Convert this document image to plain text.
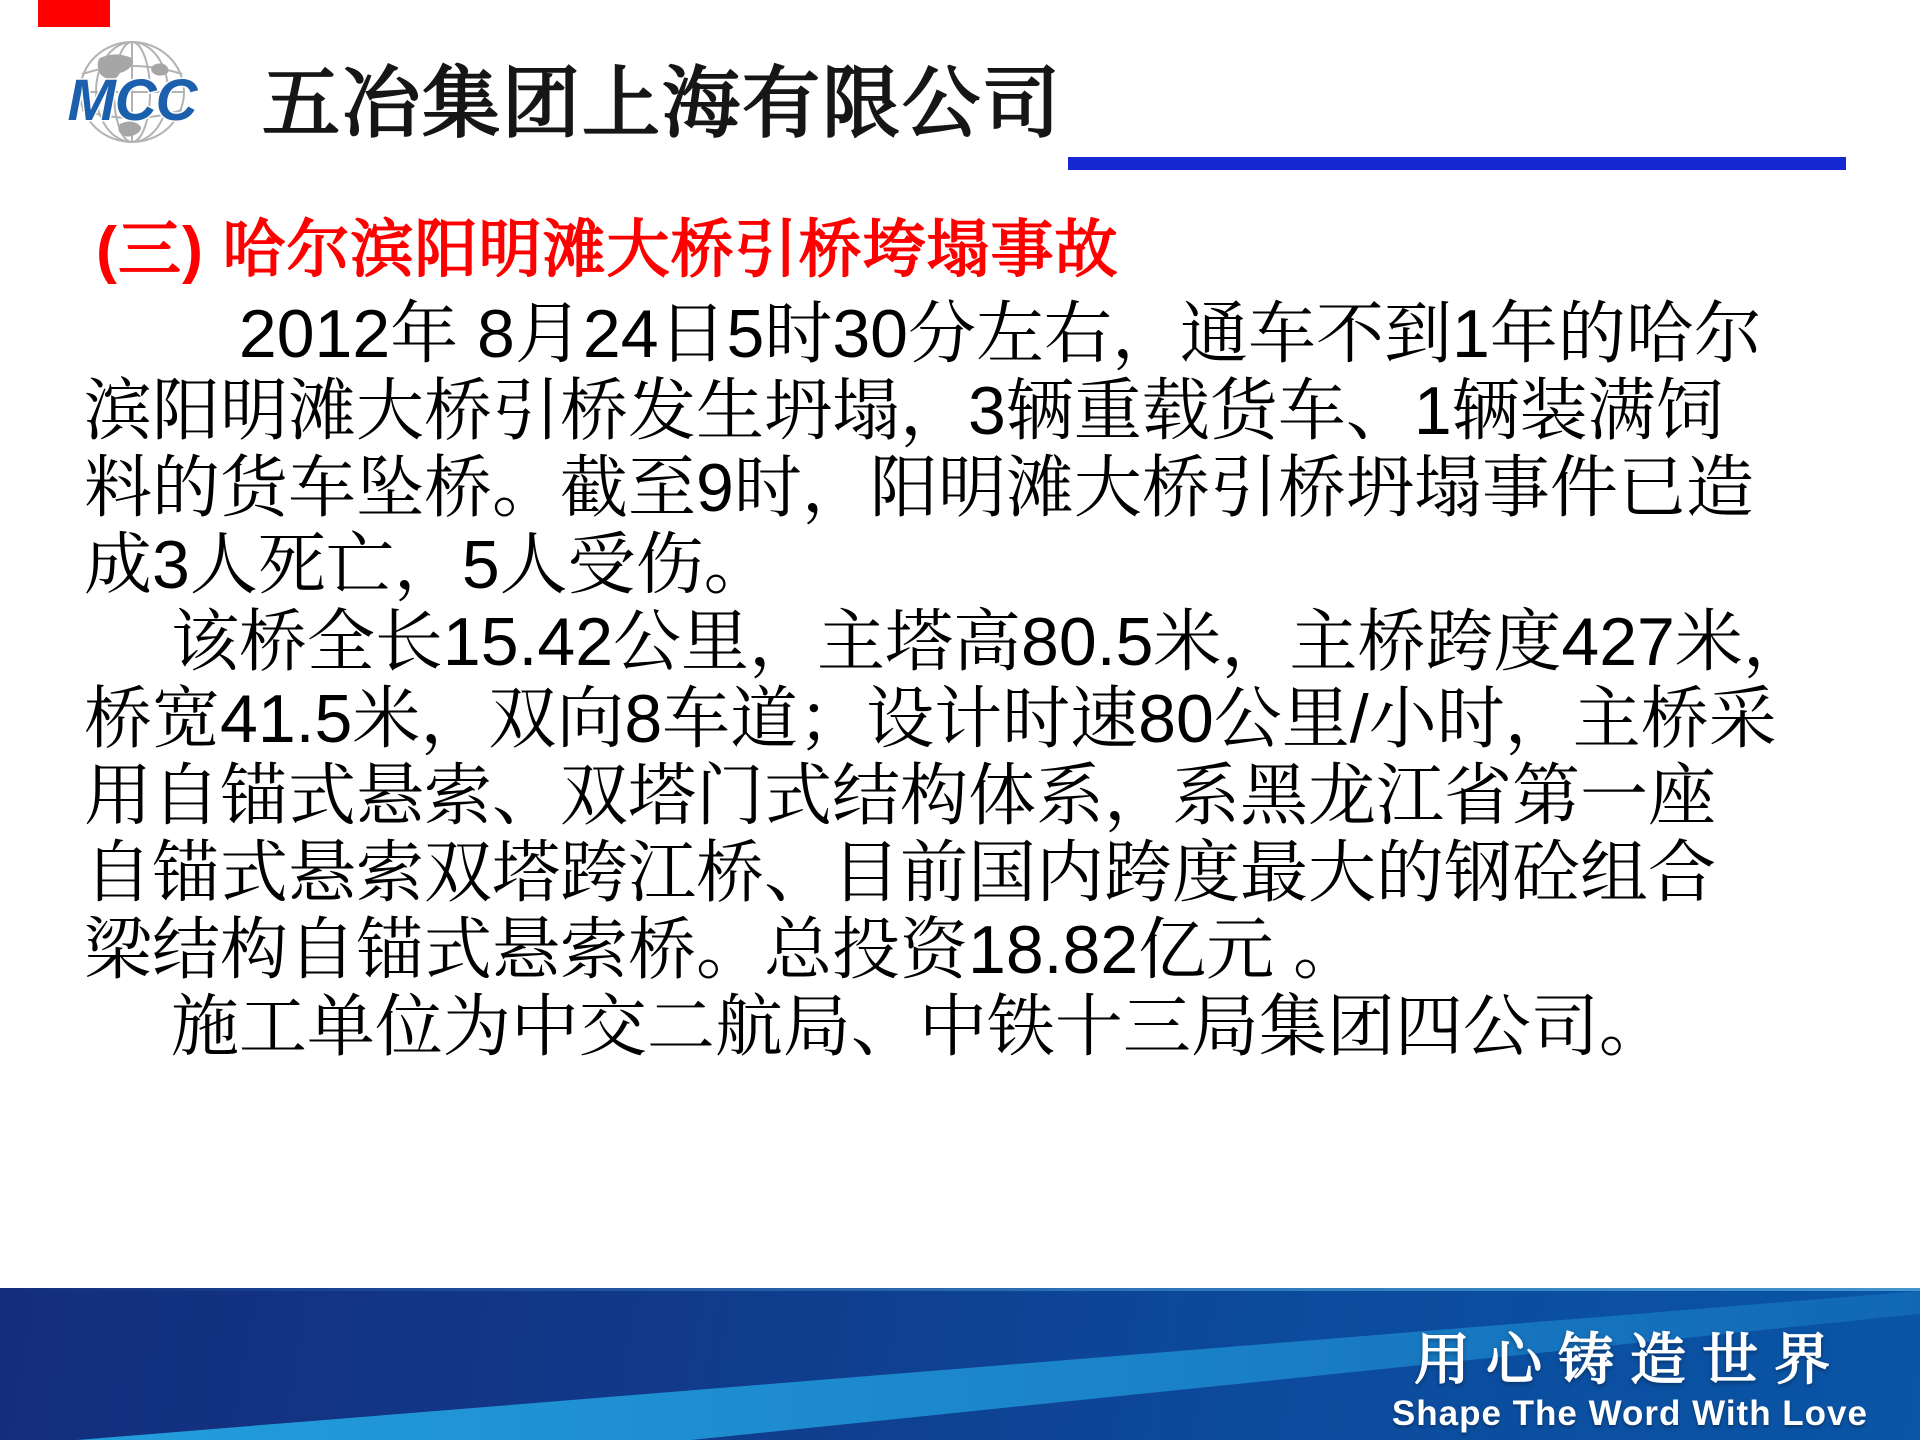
MCC 五冶集团上海有限公司
(三) 哈尔滨阳明滩大桥引桥垮塌事故
　　 2012年 8月24日5时30分左右，通车不到1年的哈尔
滨阳明滩大桥引桥发生坍塌，3辆重载货车、1辆装满饲
料的货车坠桥。截至9时，阳明滩大桥引桥坍塌事件已造
成3人死亡，5人受伤。
　 该桥全长15.42公里，主塔高80.5米，主桥跨度427米，
桥宽41.5米，双向8车道；设计时速80公里/小时，主桥采
用自锚式悬索、双塔门式结构体系，系黑龙江省第一座
自锚式悬索双塔跨江桥、目前国内跨度最大的钢砼组合
梁结构自锚式悬索桥。总投资18.82亿元 。
　 施工单位为中交二航局、中铁十三局集团四公司。
用心铸造世界
Shape The Word With Love
